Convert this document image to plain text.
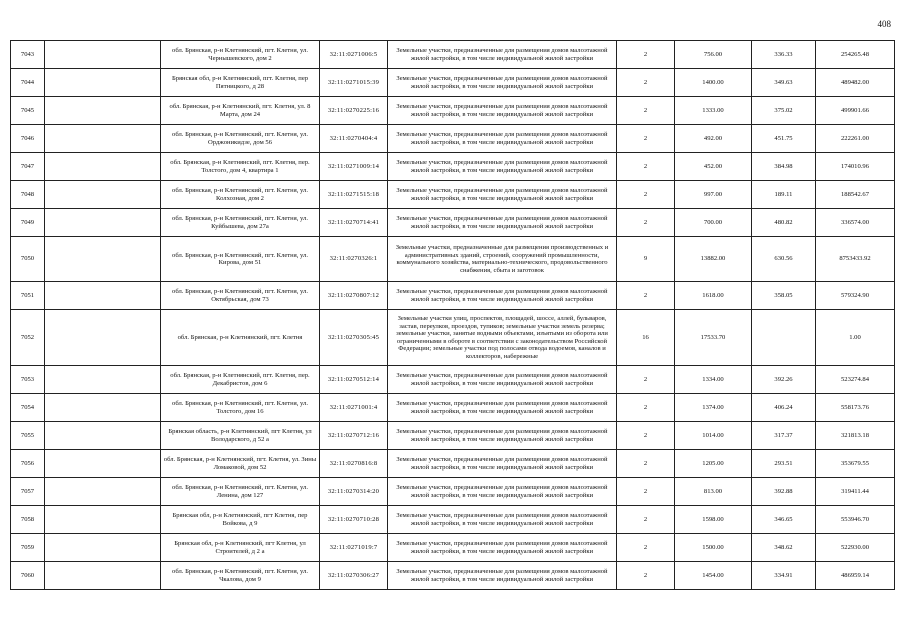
408
7043		обл. Брянская, р-н Клетнянский, пгт. Клетня, ул. Чернышевского, дом 2	32:11:0271006:5	Земельные участки, предназначенные для размещения домов малоэтажной жилой застройки, в том числе индивидуальной жилой застройки	2	756.00	336.33	254265.48
7044		Брянская обл, р-н Клетнянский, пгт. Клетня, пер Пятницкого, д 28	32:11:0271015:39	Земельные участки, предназначенные для размещения домов малоэтажной жилой застройки, в том числе индивидуальной жилой застройки	2	1400.00	349.63	489482.00
7045		обл. Брянская, р-н Клетнянский, пгт. Клетня, ул. 8 Марта, дом 24	32:11:0270225:16	Земельные участки, предназначенные для размещения домов малоэтажной жилой застройки, в том числе индивидуальной жилой застройки	2	1333.00	375.02	499901.66
7046		обл. Брянская, р-н Клетнянский, пгт. Клетня, ул. Орджоникидзе, дом 56	32:11:0270404:4	Земельные участки, предназначенные для размещения домов малоэтажной жилой застройки, в том числе индивидуальной жилой застройки	2	492.00	451.75	222261.00
7047		обл. Брянская, р-н Клетнянский, пгт. Клетня, пер. Толстого, дом 4, квартира 1	32:11:0271009:14	Земельные участки, предназначенные для размещения домов малоэтажной жилой застройки, в том числе индивидуальной жилой застройки	2	452.00	384.98	174010.96
7048		обл. Брянская, р-н Клетнянский, пгт. Клетня, ул. Колхозная, дом 2	32:11:0271515:18	Земельные участки, предназначенные для размещения домов малоэтажной жилой застройки, в том числе индивидуальной жилой застройки	2	997.00	189.11	188542.67
7049		обл. Брянская, р-н Клетнянский, пгт. Клетня, ул. Куйбышева, дом 27а	32:11:0270714:41	Земельные участки, предназначенные для размещения домов малоэтажной жилой застройки, в том числе индивидуальной жилой застройки	2	700.00	480.82	336574.00
7050		обл. Брянская, р-н Клетнянский, пгт. Клетня, ул. Кирова, дом 51	32:11:0270326:1	Земельные участки, предназначенные для размещения производственных и административных зданий, строений, сооружений промышленности, коммунального хозяйства, материально-технического, продовольственного снабжения, сбыта и заготовок	9	13882.00	630.56	8753433.92
7051		обл. Брянская, р-н Клетнянский, пгт. Клетня, ул. Октябрьская, дом 73	32:11:0270807:12	Земельные участки, предназначенные для размещения домов малоэтажной жилой застройки, в том числе индивидуальной жилой застройки	2	1618.00	358.05	579324.90
7052		обл. Брянская, р-н Клетнянский, пгт. Клетня	32:11:0270305:45	Земельные участки улиц, проспектов, площадей, шоссе, аллей, бульваров, застав, переулков, проездов, тупиков; земельные участки земель резерва; земельные участки, занятые водными объектами, изъятыми из оборота или ограниченными в обороте в соответствии с законодательством Российской Федерации; земельные участки под полосами отвода водоемов, каналов и коллекторов, набережные	16	17533.70		1.00
7053		обл. Брянская, р-н Клетнянский, пгт. Клетня, пер. Декабристов, дом 6	32:11:0270512:14	Земельные участки, предназначенные для размещения домов малоэтажной жилой застройки, в том числе индивидуальной жилой застройки	2	1334.00	392.26	523274.84
7054		обл. Брянская, р-н Клетнянский, пгт. Клетня, ул. Толстого, дом 16	32:11:0271001:4	Земельные участки, предназначенные для размещения домов малоэтажной жилой застройки, в том числе индивидуальной жилой застройки	2	1374.00	406.24	558173.76
7055		Брянская область, р-н Клетнянский, пгт Клетня, ул Володарского, д 52 а	32:11:0270712:16	Земельные участки, предназначенные для размещения домов малоэтажной жилой застройки, в том числе индивидуальной жилой застройки	2	1014.00	317.37	321813.18
7056		обл. Брянская, р-н Клетнянский, пгт. Клетня, ул. Зины Ломаковой, дом 52	32:11:0270816:8	Земельные участки, предназначенные для размещения домов малоэтажной жилой застройки, в том числе индивидуальной жилой застройки	2	1205.00	293.51	353679.55
7057		обл. Брянская, р-н Клетнянский, пгт. Клетня, ул. Ленина, дом 127	32:11:0270314:20	Земельные участки, предназначенные для размещения домов малоэтажной жилой застройки, в том числе индивидуальной жилой застройки	2	813.00	392.88	319411.44
7058		Брянская обл, р-н Клетнянский, пгт Клетня, пер Войкова, д 9	32:11:0270710:28	Земельные участки, предназначенные для размещения домов малоэтажной жилой застройки, в том числе индивидуальной жилой застройки	2	1598.00	346.65	553946.70
7059		Брянская обл, р-н Клетнянский, пгт Клетня, ул Строителей, д 2 а	32:11:0271019:7	Земельные участки, предназначенные для размещения домов малоэтажной жилой застройки, в том числе индивидуальной жилой застройки	2	1500.00	348.62	522930.00
7060		обл. Брянская, р-н Клетнянский, пгт. Клетня, ул. Чкалова, дом 9	32:11:0270306:27	Земельные участки, предназначенные для размещения домов малоэтажной жилой застройки, в том числе индивидуальной жилой застройки	2	1454.00	334.91	486959.14
